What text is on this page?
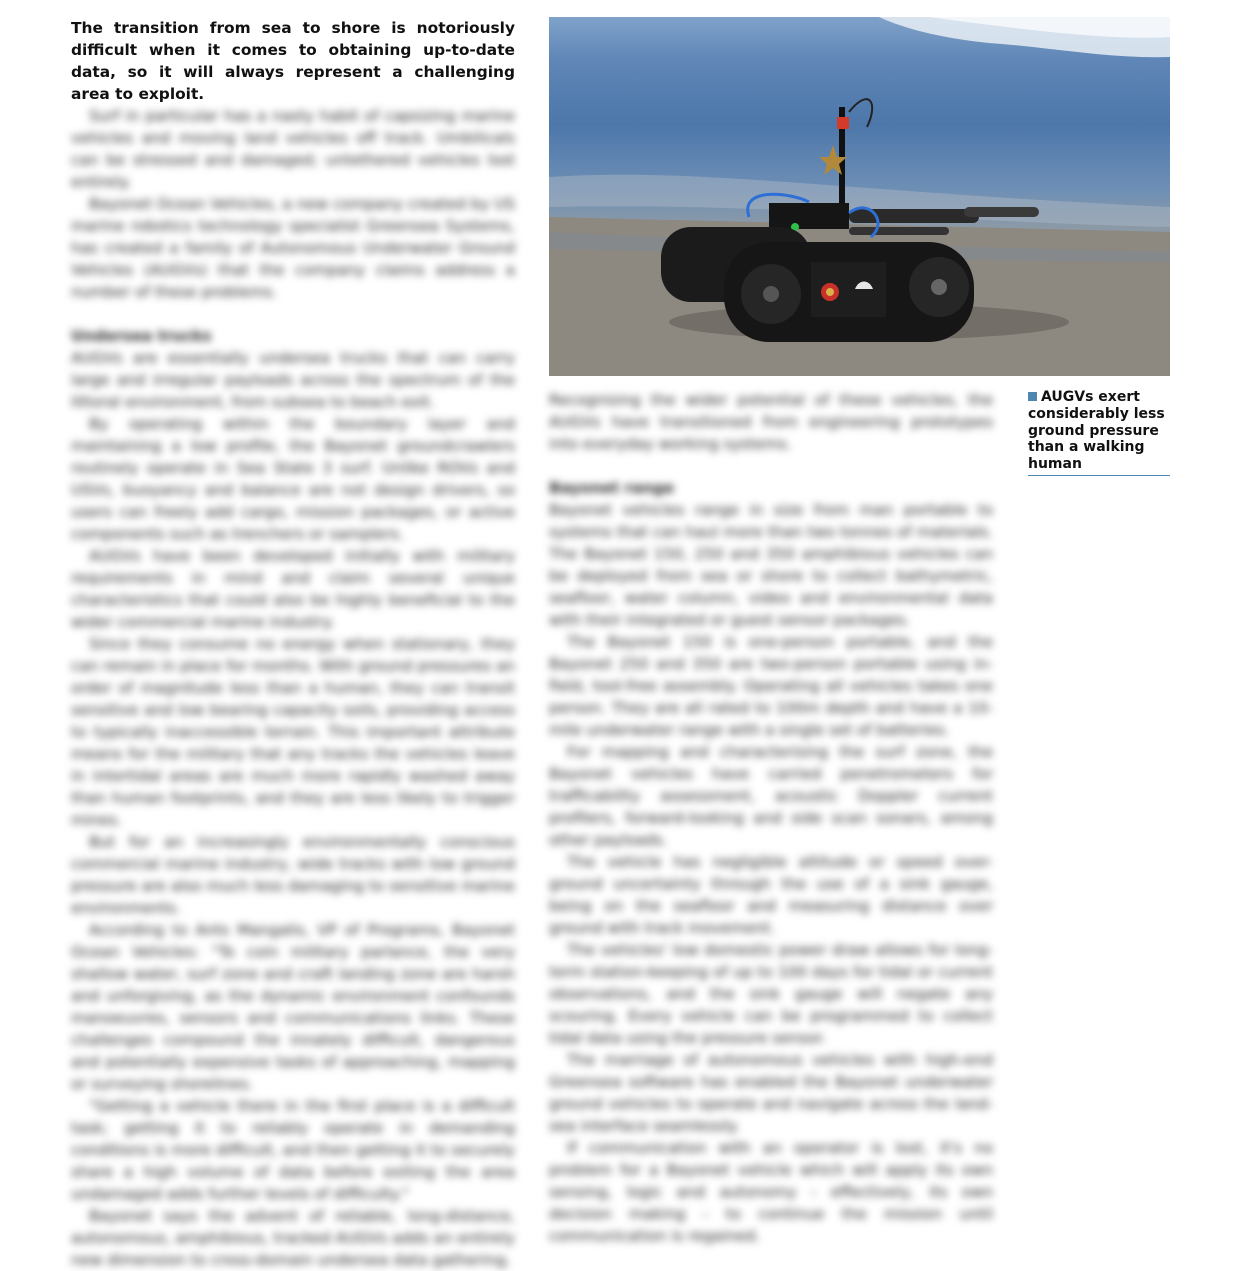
The transition from sea to shore is notoriously difficult when it comes to obtaining up-to-date data, so it will always represent a challenging area to exploit.

Surf in particular has a nasty habit of capsizing marine vehicles and moving land vehicles off track. Umbilicals can be stressed and damaged; untethered vehicles lost entirely.

Bayonet Ocean Vehicles, a new company created by US marine robotics technology specialist Greensea Systems, has created a family of Autonomous Underwater Ground Vehicles (AUGVs) that the company claims address a number of these problems.

Undersea trucks

AUGVs are essentially undersea trucks that can carry large and irregular payloads across the spectrum of the littoral environment, from subsea to beach exit.

By operating within the boundary layer and maintaining a low profile, the Bayonet groundcrawlers routinely operate in Sea State 3 surf. Unlike ROVs and USVs, buoyancy and balance are not design drivers, so users can freely add cargo, mission packages, or active components such as trenchers or samplers.

AUGVs have been developed initially with military requirements in mind and claim several unique characteristics that could also be highly beneficial to the wider commercial marine industry.

Since they consume no energy when stationary, they can remain in place for months. With ground pressures an order of magnitude less than a human, they can transit sensitive and low bearing capacity soils, providing access to typically inaccessible terrain. This important attribute means for the military that any tracks the vehicles leave in intertidal areas are much more rapidly washed away than human footprints, and they are less likely to trigger mines.

But for an increasingly environmentally conscious commercial marine industry, wide tracks with low ground pressure are also much less damaging to sensitive marine environments.

According to Ants Mangalis, VP of Programs, Bayonet Ocean Vehicles: "To coin military parlance, the very shallow water, surf zone and craft landing zone are harsh and unforgiving, as the dynamic environment confounds manoeuvres, sensors and communications links. These challenges compound the innately difficult, dangerous and potentially expensive tasks of approaching, mapping or surveying shorelines.

"Getting a vehicle there in the first place is a difficult task; getting it to reliably operate in demanding conditions is more difficult, and then getting it to securely share a high volume of data before exiting the area undamaged adds further levels of difficulty."

Bayonet says the advent of reliable, long-distance, autonomous, amphibious, tracked AUGVs adds an entirely new dimension to cross-domain undersea data gathering.

AUGVs exert considerably less ground pressure than a walking human

Recognising the wider potential of these vehicles, the AUGVs have transitioned from engineering prototypes into everyday working systems.

Bayonet range

Bayonet vehicles range in size from man portable to systems that can haul more than two tonnes of materials. The Bayonet 150, 250 and 350 amphibious vehicles can be deployed from sea or shore to collect bathymetric, seafloor, water column, video and environmental data with their integrated or guest sensor packages.

The Bayonet 150 is one-person portable, and the Bayonet 250 and 350 are two-person portable using in-field, tool-free assembly. Operating all vehicles takes one person. They are all rated to 100m depth and have a 10-mile underwater range with a single set of batteries.

For mapping and characterising the surf zone, the Bayonet vehicles have carried penetrometers for trafficability assessment, acoustic Doppler current profilers, forward-looking and side scan sonars, among other payloads.

The vehicle has negligible altitude or speed over-ground uncertainty through the use of a sink gauge, being on the seafloor and measuring distance over ground with track movement.

The vehicles' low domestic power draw allows for long-term station-keeping of up to 100 days for tidal or current observations, and the sink gauge will negate any scouring. Every vehicle can be programmed to collect tidal data using the pressure sensor.

The marriage of autonomous vehicles with high-end Greensea software has enabled the Bayonet underwater ground vehicles to operate and navigate across the land-sea interface seamlessly.

If communication with an operator is lost, it's no problem for a Bayonet vehicle which will apply its own sensing, logic and autonomy - effectively, its own decision making - to continue the mission until communication is regained.
